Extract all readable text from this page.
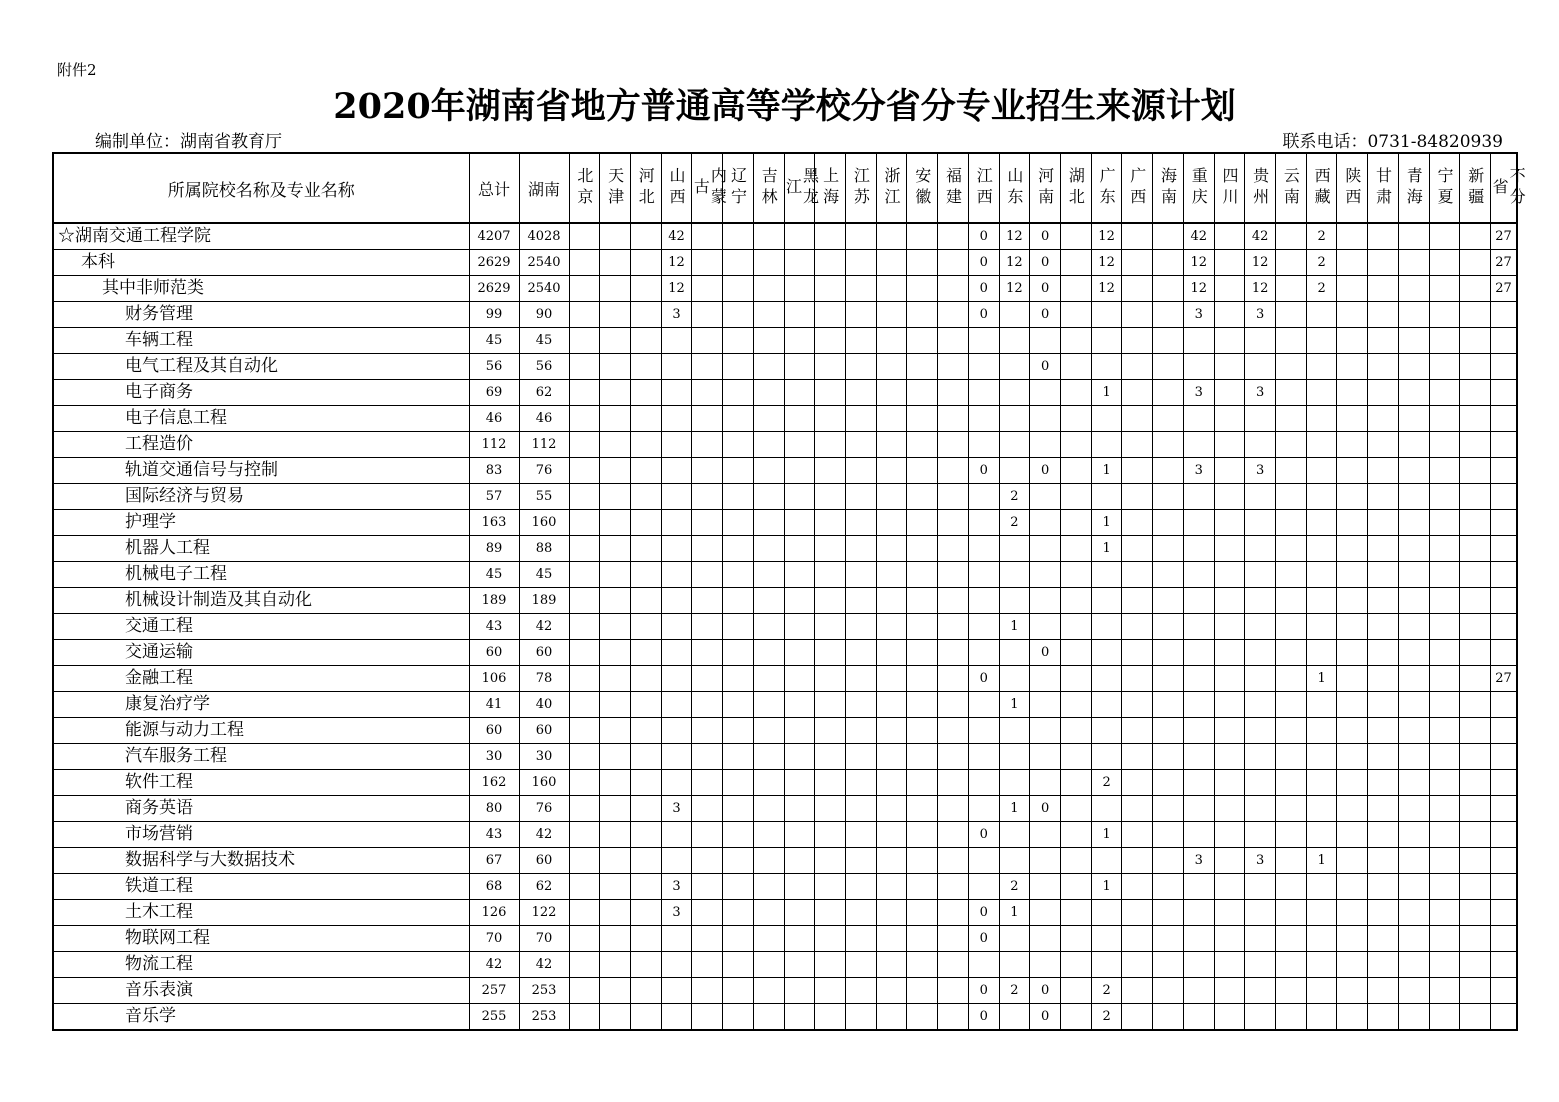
附件2
2020年湖南省地方普通高等学校分省分专业招生来源计划
编制单位：湖南省教育厅	联系电话：0731-84820939
所属院校名称及专业名称	总计	湖南	北京	天津	河北	山西	内蒙古	辽宁	吉林	黑龙江	上海	江苏	浙江	安徽	福建	江西	山东	河南	湖北	广东	广西	海南	重庆	四川	贵州	云南	西藏	陕西	甘肃	青海	宁夏	新疆	不分省
☆湖南交通工程学院	4207	4028				42										0	12	0		12			42		42		2						27
本科	2629	2540				12										0	12	0		12			12		12		2						27
其中非师范类	2629	2540				12										0	12	0		12			12		12		2						27
财务管理	99	90				3										0		0					3		3								
车辆工程	45	45																															
电气工程及其自动化	56	56																0															
电子商务	69	62																		1			3		3								
电子信息工程	46	46																															
工程造价	112	112																															
轨道交通信号与控制	83	76														0		0		1			3		3								
国际经济与贸易	57	55															2																
护理学	163	160															2			1													
机器人工程	89	88																		1													
机械电子工程	45	45																															
机械设计制造及其自动化	189	189																															
交通工程	43	42															1																
交通运输	60	60																0															
金融工程	106	78														0											1						27
康复治疗学	41	40															1																
能源与动力工程	60	60																															
汽车服务工程	30	30																															
软件工程	162	160																		2													
商务英语	80	76				3											1	0															
市场营销	43	42														0				1													
数据科学与大数据技术	67	60																					3		3		1						
铁道工程	68	62				3											2			1													
土木工程	126	122				3										0	1																
物联网工程	70	70														0																	
物流工程	42	42																															
音乐表演	257	253														0	2	0		2													
音乐学	255	253														0		0		2													
